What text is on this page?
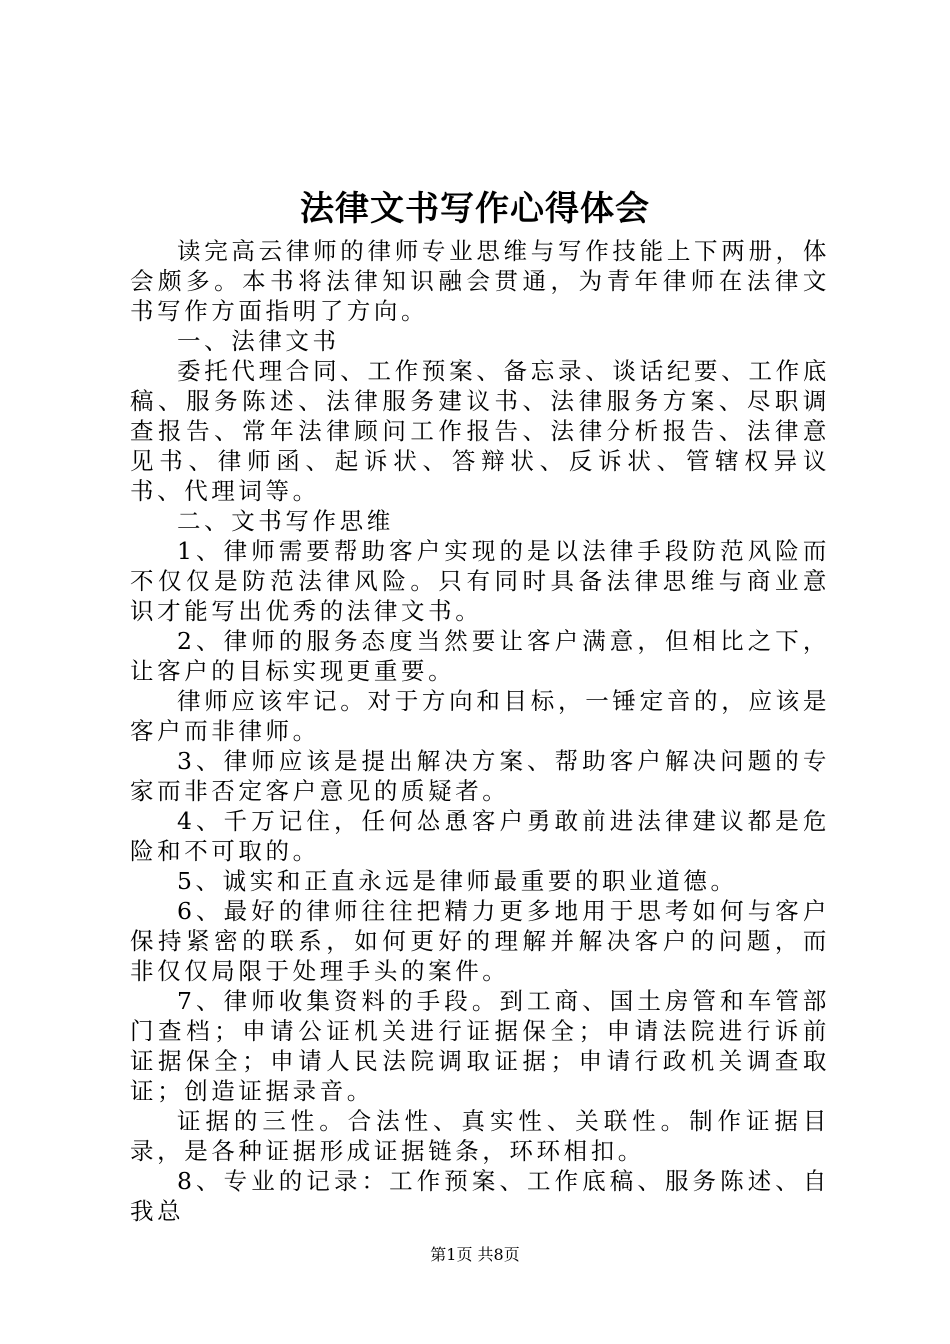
法律文书写作心得体会

读完高云律师的律师专业思维与写作技能上下两册，体会颇多。本书将法律知识融会贯通，为青年律师在法律文书写作方面指明了方向。

一、法律文书

委托代理合同、工作预案、备忘录、谈话纪要、工作底稿、服务陈述、法律服务建议书、法律服务方案、尽职调查报告、常年法律顾问工作报告、法律分析报告、法律意见书、律师函、起诉状、答辩状、反诉状、管辖权异议书、代理词等。

二、文书写作思维

1、律师需要帮助客户实现的是以法律手段防范风险而不仅仅是防范法律风险。只有同时具备法律思维与商业意识才能写出优秀的法律文书。

2、律师的服务态度当然要让客户满意，但相比之下，让客户的目标实现更重要。

律师应该牢记。对于方向和目标，一锤定音的，应该是客户而非律师。

3、律师应该是提出解决方案、帮助客户解决问题的专家而非否定客户意见的质疑者。

4、千万记住，任何怂恿客户勇敢前进法律建议都是危险和不可取的。

5、诚实和正直永远是律师最重要的职业道德。

6、最好的律师往往把精力更多地用于思考如何与客户保持紧密的联系，如何更好的理解并解决客户的问题，而非仅仅局限于处理手头的案件。

7、律师收集资料的手段。到工商、国土房管和车管部门查档；申请公证机关进行证据保全；申请法院进行诉前证据保全；申请人民法院调取证据；申请行政机关调查取证；创造证据录音。

证据的三性。合法性、真实性、关联性。制作证据目录，是各种证据形成证据链条，环环相扣。

8、专业的记录：工作预案、工作底稿、服务陈述、自我总

第1页 共8页
